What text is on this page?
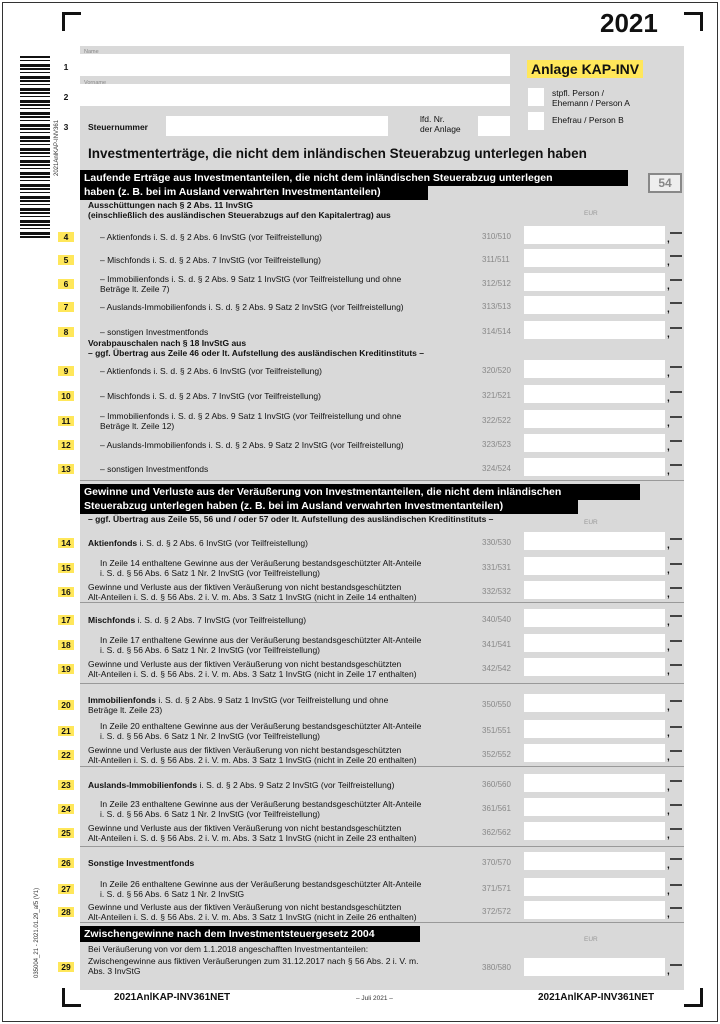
2021
2021AnlKAP-INV361
035004_21 - 2021.01.29_af5 (V1)
1
Name
2
Vorname
3	Steuernummer
lfd. Nr.
der Anlage
Anlage KAP-INV
stpfl. Person /
Ehemann / Person A
Ehefrau / Person B
Investmenterträge, die nicht dem inländischen Steuerabzug unterlegen haben
Laufende Erträge aus Investmentanteilen, die nicht dem inländischen Steuerabzug unterlegen
haben (z. B. bei im Ausland verwahrten Investmentanteilen)
54
Ausschüttungen nach § 2 Abs. 11 InvStG
(einschließlich des ausländischen Steuerabzugs auf den Kapitalertrag) aus	EUR
Vorabpauschalen nach § 18 InvStG aus
– ggf. Übertrag aus Zeile 46 oder lt. Aufstellung des ausländischen Kreditinstituts –
4	– Aktienfonds i. S. d. § 2 Abs. 6 InvStG (vor Teilfreistellung)	310/510	,
5	– Mischfonds i. S. d. § 2 Abs. 7 InvStG (vor Teilfreistellung)	311/511	,
6	– Immobilienfonds i. S. d. § 2 Abs. 9 Satz 1 InvStG (vor Teilfreistellung und ohne
Beträge lt. Zeile 7)
312/512	,
7	– Auslands-Immobilienfonds i. S. d. § 2 Abs. 9 Satz 2 InvStG (vor Teilfreistellung)	313/513	,
8	– sonstigen Investmentfonds	314/514	,
9	– Aktienfonds i. S. d. § 2 Abs. 6 InvStG (vor Teilfreistellung)	320/520	,
10	– Mischfonds i. S. d. § 2 Abs. 7 InvStG (vor Teilfreistellung)	321/521	,
11	– Immobilienfonds i. S. d. § 2 Abs. 9 Satz 1 InvStG (vor Teilfreistellung und ohne
Beträge lt. Zeile 12)
322/522	,
12	– Auslands-Immobilienfonds i. S. d. § 2 Abs. 9 Satz 2 InvStG (vor Teilfreistellung)	323/523	,
13	– sonstigen Investmentfonds	324/524	,
Gewinne und Verluste aus der Veräußerung von Investmentanteilen, die nicht dem inländischen
Steuerabzug unterlegen haben (z. B. bei im Ausland verwahrten Investmentanteilen)
– ggf. Übertrag aus Zeile 55, 56 und / oder 57 oder lt. Aufstellung des ausländischen Kreditinstituts –	EUR
14	Aktienfonds i. S. d. § 2 Abs. 6 InvStG (vor Teilfreistellung)	330/530	,
15	In Zeile 14 enthaltene Gewinne aus der Veräußerung bestandsgeschützter Alt-Anteile
i. S. d. § 56 Abs. 6 Satz 1 Nr. 2 InvStG (vor Teilfreistellung)
331/531	,
16	Gewinne und Verluste aus der fiktiven Veräußerung von nicht bestandsgeschützten
Alt-Anteilen i. S. d. § 56 Abs. 2 i. V. m. Abs. 3 Satz 1 InvStG (nicht in Zeile 14 enthalten)
332/532	,
17	Mischfonds i. S. d. § 2 Abs. 7 InvStG (vor Teilfreistellung)	340/540	,
18	In Zeile 17 enthaltene Gewinne aus der Veräußerung bestandsgeschützter Alt-Anteile
i. S. d. § 56 Abs. 6 Satz 1 Nr. 2 InvStG (vor Teilfreistellung)
341/541	,
19	Gewinne und Verluste aus der fiktiven Veräußerung von nicht bestandsgeschützten
Alt-Anteilen i. S. d. § 56 Abs. 2 i. V. m. Abs. 3 Satz 1 InvStG (nicht in Zeile 17 enthalten)
342/542	,
20	Immobilienfonds i. S. d. § 2 Abs. 9 Satz 1 InvStG (vor Teilfreistellung und ohne
Beträge lt. Zeile 23)
350/550	,
21	In Zeile 20 enthaltene Gewinne aus der Veräußerung bestandsgeschützter Alt-Anteile
i. S. d. § 56 Abs. 6 Satz 1 Nr. 2 InvStG (vor Teilfreistellung)
351/551	,
22	Gewinne und Verluste aus der fiktiven Veräußerung von nicht bestandsgeschützten
Alt-Anteilen i. S. d. § 56 Abs. 2 i. V. m. Abs. 3 Satz 1 InvStG (nicht in Zeile 20 enthalten)
352/552	,
23	Auslands-Immobilienfonds i. S. d. § 2 Abs. 9 Satz 2 InvStG (vor Teilfreistellung)	360/560	,
24	In Zeile 23 enthaltene Gewinne aus der Veräußerung bestandsgeschützter Alt-Anteile
i. S. d. § 56 Abs. 6 Satz 1 Nr. 2 InvStG (vor Teilfreistellung)
361/561	,
25	Gewinne und Verluste aus der fiktiven Veräußerung von nicht bestandsgeschützten
Alt-Anteilen i. S. d. § 56 Abs. 2 i. V. m. Abs. 3 Satz 1 InvStG (nicht in Zeile 23 enthalten)
362/562	,
26	Sonstige Investmentfonds	370/570	,
27	In Zeile 26 enthaltene Gewinne aus der Veräußerung bestandsgeschützter Alt-Anteile
i. S. d. § 56 Abs. 6 Satz 1 Nr. 2 InvStG
371/571	,
28	Gewinne und Verluste aus der fiktiven Veräußerung von nicht bestandsgeschützten
Alt-Anteilen i. S. d. § 56 Abs. 2 i. V. m. Abs. 3 Satz 1 InvStG (nicht in Zeile 26 enthalten)
372/572	,
Zwischengewinne nach dem Investmentsteuergesetz 2004
Bei Veräußerung von vor dem 1.1.2018 angeschafften Investmentanteilen:
EUR
29
Zwischengewinne aus fiktiven Veräußerungen zum 31.12.2017 nach § 56 Abs. 2 i. V. m.
Abs. 3 InvStG	380/580	,
2021AnlKAP-INV361NET	– Juli 2021 –	2021AnlKAP-INV361NET
